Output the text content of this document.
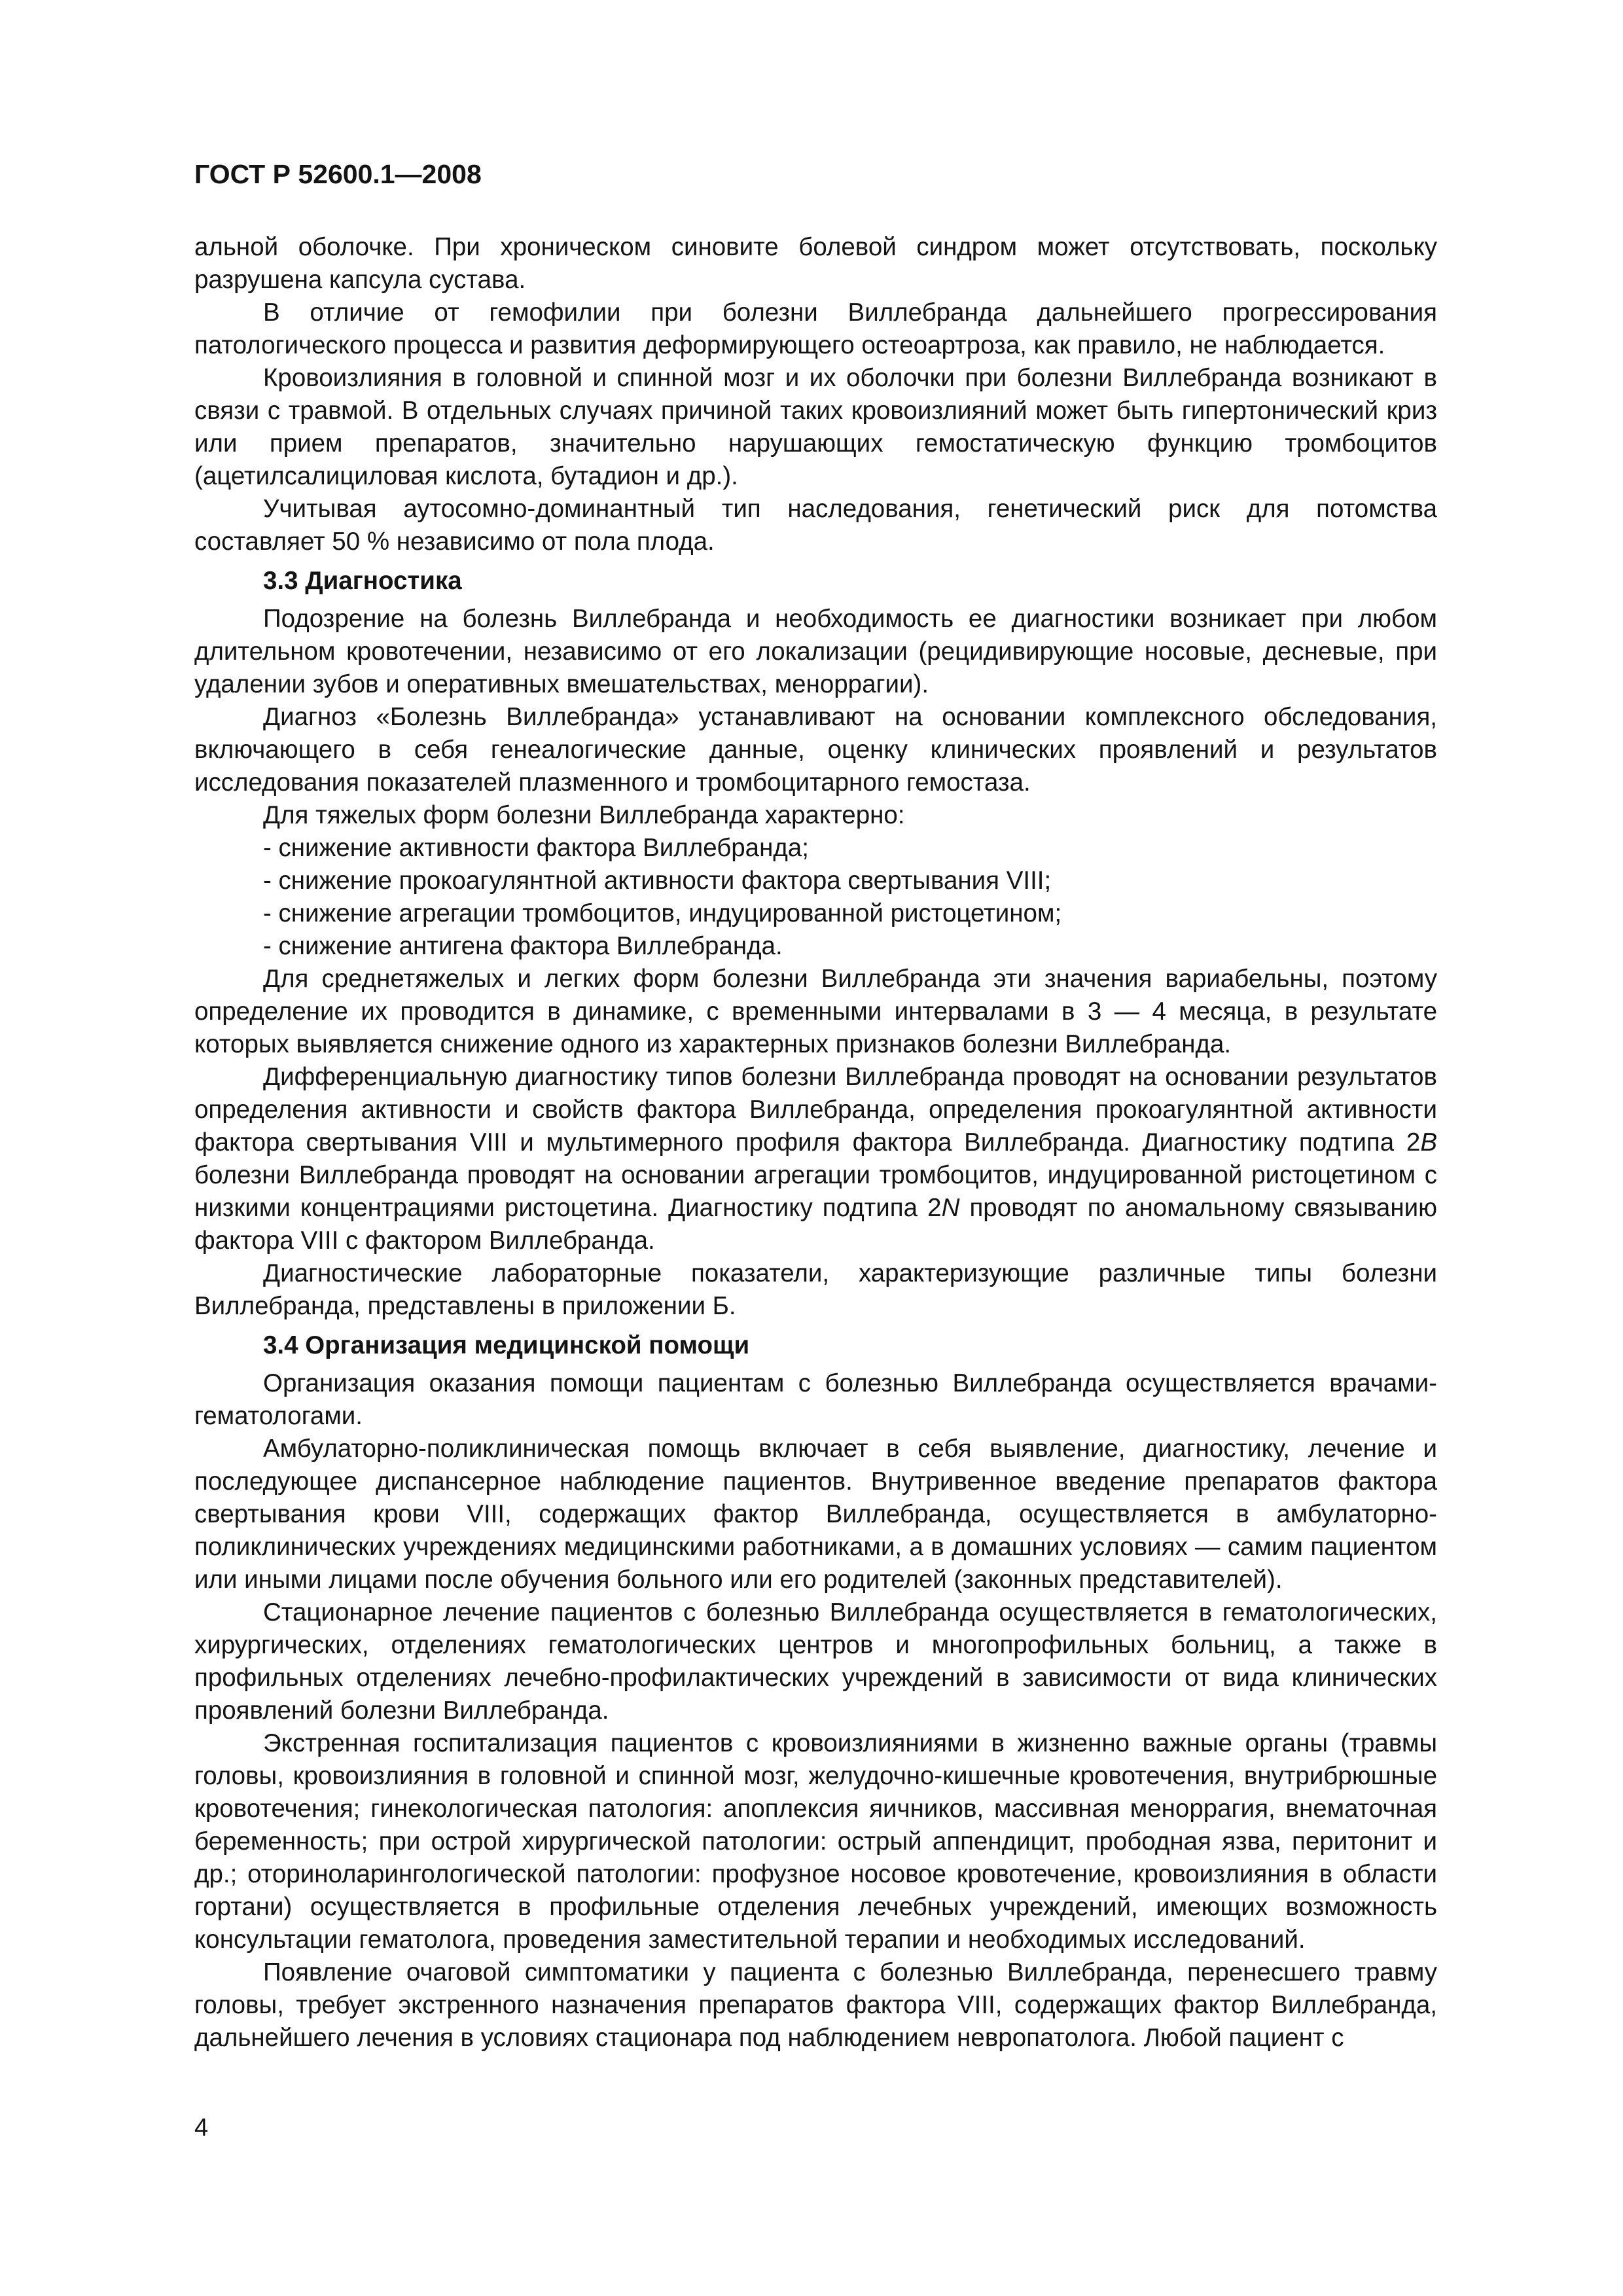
ГОСТ Р 52600.1—2008

альной оболочке. При хроническом синовите болевой синдром может отсутствовать, поскольку разрушена капсула сустава.

В отличие от гемофилии при болезни Виллебранда дальнейшего прогрессирования патологического процесса и развития деформирующего остеоартроза, как правило, не наблюдается.

Кровоизлияния в головной и спинной мозг и их оболочки при болезни Виллебранда возникают в связи с травмой. В отдельных случаях причиной таких кровоизлияний может быть гипертонический криз или прием препаратов, значительно нарушающих гемостатическую функцию тромбоцитов (ацетилсалициловая кислота, бутадион и др.).

Учитывая аутосомно-доминантный тип наследования, генетический риск для потомства составляет 50 % независимо от пола плода.

3.3 Диагностика

Подозрение на болезнь Виллебранда и необходимость ее диагностики возникает при любом длительном кровотечении, независимо от его локализации (рецидивирующие носовые, десневые, при удалении зубов и оперативных вмешательствах, меноррагии).

Диагноз «Болезнь Виллебранда» устанавливают на основании комплексного обследования, включающего в себя генеалогические данные, оценку клинических проявлений и результатов исследования показателей плазменного и тромбоцитарного гемостаза.

Для тяжелых форм болезни Виллебранда характерно:

- снижение активности фактора Виллебранда;

- снижение прокоагулянтной активности фактора свертывания VIII;

- снижение агрегации тромбоцитов, индуцированной ристоцетином;

- снижение антигена фактора Виллебранда.

Для среднетяжелых и легких форм болезни Виллебранда эти значения вариабельны, поэтому определение их проводится в динамике, с временными интервалами в 3 — 4 месяца, в результате которых выявляется снижение одного из характерных признаков болезни Виллебранда.

Дифференциальную диагностику типов болезни Виллебранда проводят на основании результатов определения активности и свойств фактора Виллебранда, определения прокоагулянтной активности фактора свертывания VIII и мультимерного профиля фактора Виллебранда. Диагностику подтипа 2B болезни Виллебранда проводят на основании агрегации тромбоцитов, индуцированной ристоцетином с низкими концентрациями ристоцетина. Диагностику подтипа 2N проводят по аномальному связыванию фактора VIII с фактором Виллебранда.

Диагностические лабораторные показатели, характеризующие различные типы болезни Виллебранда, представлены в приложении Б.

3.4 Организация медицинской помощи

Организация оказания помощи пациентам с болезнью Виллебранда осуществляется врачами-гематологами.

Амбулаторно-поликлиническая помощь включает в себя выявление, диагностику, лечение и последующее диспансерное наблюдение пациентов. Внутривенное введение препаратов фактора свертывания крови VIII, содержащих фактор Виллебранда, осуществляется в амбулаторно-поликлинических учреждениях медицинскими работниками, а в домашних условиях — самим пациентом или иными лицами после обучения больного или его родителей (законных представителей).

Стационарное лечение пациентов с болезнью Виллебранда осуществляется в гематологических, хирургических, отделениях гематологических центров и многопрофильных больниц, а также в профильных отделениях лечебно-профилактических учреждений в зависимости от вида клинических проявлений болезни Виллебранда.

Экстренная госпитализация пациентов с кровоизлияниями в жизненно важные органы (травмы головы, кровоизлияния в головной и спинной мозг, желудочно-кишечные кровотечения, внутрибрюшные кровотечения; гинекологическая патология: апоплексия яичников, массивная меноррагия, внематочная беременность; при острой хирургической патологии: острый аппендицит, прободная язва, перитонит и др.; оториноларингологической патологии: профузное носовое кровотечение, кровоизлияния в области гортани) осуществляется в профильные отделения лечебных учреждений, имеющих возможность консультации гематолога, проведения заместительной терапии и необходимых исследований.

Появление очаговой симптоматики у пациента с болезнью Виллебранда, перенесшего травму головы, требует экстренного назначения препаратов фактора VIII, содержащих фактор Виллебранда, дальнейшего лечения в условиях стационара под наблюдением невропатолога. Любой пациент с

4
